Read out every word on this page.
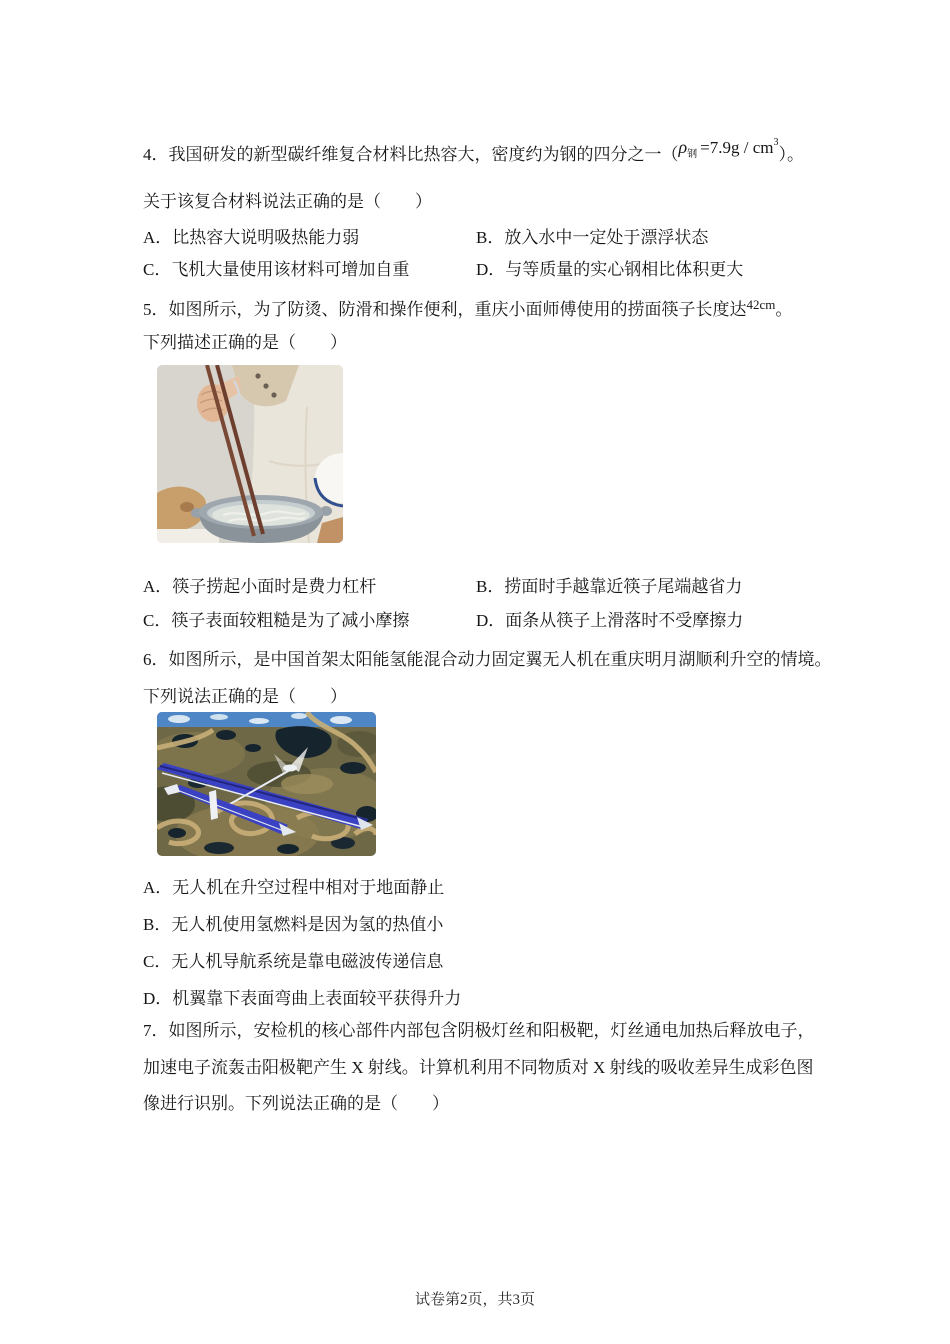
4．我国研发的新型碳纤维复合材料比热容大，密度约为钢的四分之一$(\rho_钢 =7.9g / cm^3)$。
关于该复合材料说法正确的是（　　）
A．比热容大说明吸热能力弱	B．放入水中一定处于漂浮状态
C．飞机大量使用该材料可增加自重	D．与等质量的实心钢相比体积更大
5．如图所示，为了防烫、防滑和操作便利，重庆小面师傅使用的捞面筷子长度达$^{42cm}$。
下列描述正确的是（　　）
A．筷子捞起小面时是费力杠杆	B．捞面时手越靠近筷子尾端越省力
C．筷子表面较粗糙是为了减小摩擦	D．面条从筷子上滑落时不受摩擦力
6．如图所示，是中国首架太阳能氢能混合动力固定翼无人机在重庆明月湖顺利升空的情境。
下列说法正确的是（　　）
A．无人机在升空过程中相对于地面静止
B．无人机使用氢燃料是因为氢的热值小
C．无人机导航系统是靠电磁波传递信息
D．机翼靠下表面弯曲上表面较平获得升力
7．如图所示，安检机的核心部件内部包含阴极灯丝和阳极靶，灯丝通电加热后释放电子，
加速电子流轰击阳极靶产生 X 射线。计算机利用不同物质对 X 射线的吸收差异生成彩色图
像进行识别。下列说法正确的是（　　）
试卷第2页，共3页
